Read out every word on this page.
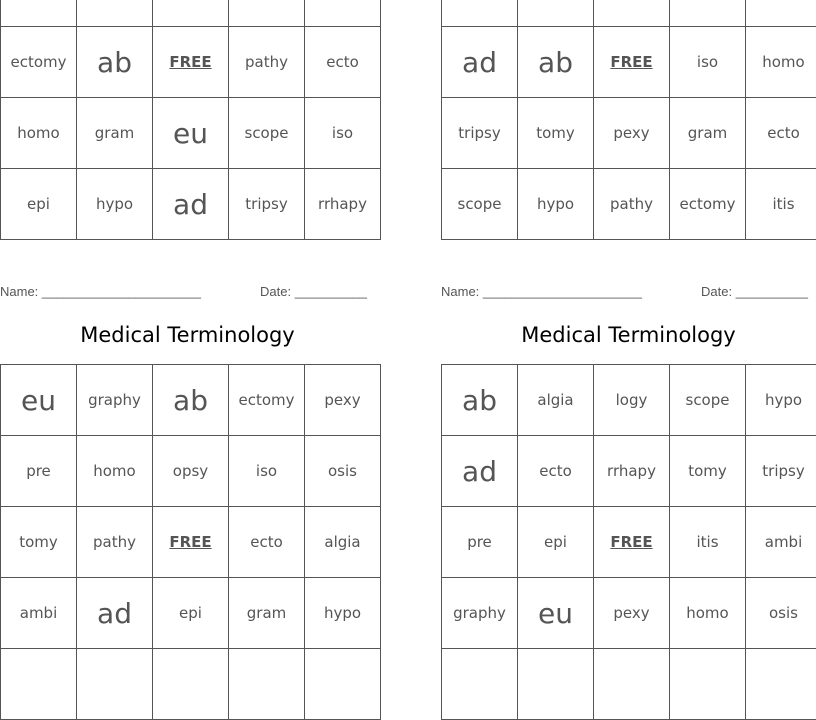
ectomy	ab	FREE	pathy	ecto
homo	gram	eu	scope	iso
epi	hypo	ad	tripsy	rrhapy

ad	ab	FREE	iso	homo
tripsy	tomy	pexy	gram	ecto
scope	hypo	pathy	ectomy	itis
Name: ______________________	Date: __________	Name: ______________________	Date: __________
Medical Terminology	Medical Terminology
eu	graphy	ab	ectomy	pexy
pre	homo	opsy	iso	osis
tomy	pathy	FREE	ecto	algia
ambi	ad	epi	gram	hypo

ab	algia	logy	scope	hypo
ad	ecto	rrhapy	tomy	tripsy
pre	epi	FREE	itis	ambi
graphy	eu	pexy	homo	osis
